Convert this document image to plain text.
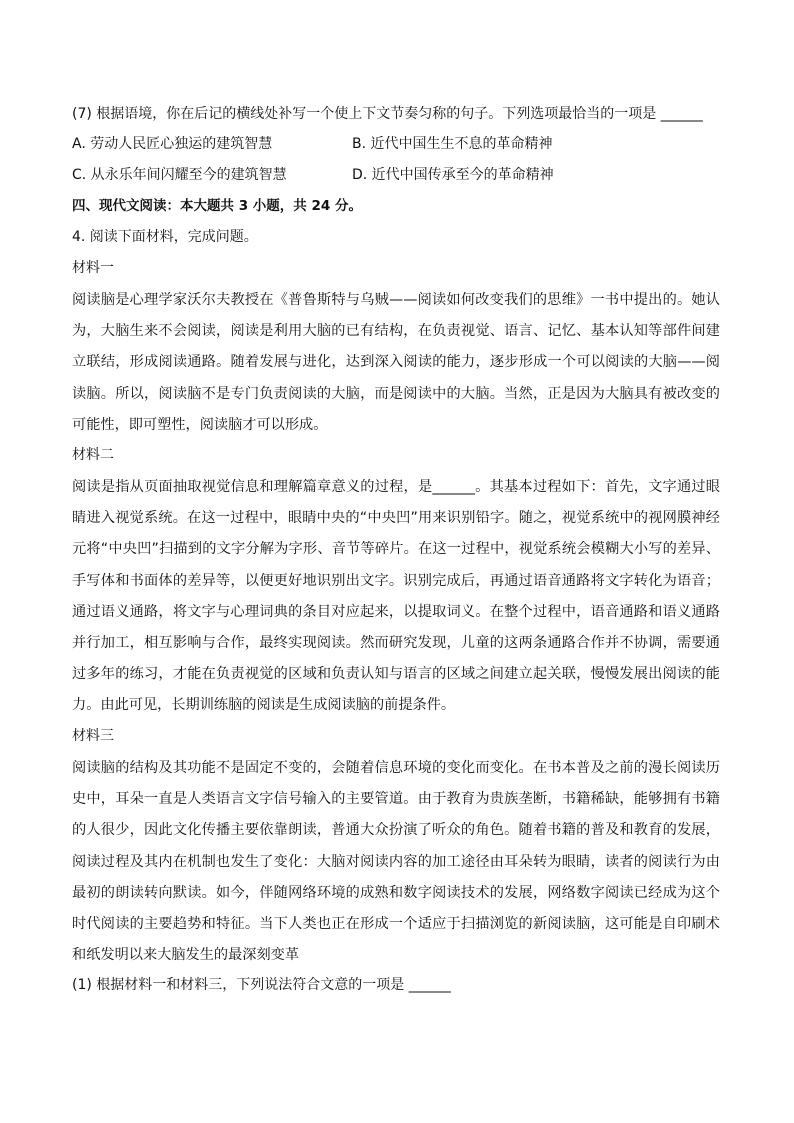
(7) 根据语境，你在后记的横线处补写一个使上下文节奏匀称的句子。下列选项最恰当的一项是 ______
A. 劳动人民匠心独运的建筑智慧	B. 近代中国生生不息的革命精神
C. 从永乐年间闪耀至今的建筑智慧	D. 近代中国传承至今的革命精神
四、现代文阅读：本大题共 3 小题，共 24 分。
4. 阅读下面材料，完成问题。
材料一

阅读脑是心理学家沃尔夫教授在《普鲁斯特与乌贼——阅读如何改变我们的思维》一书中提出的。她认为，大脑生来不会阅读，阅读是利用大脑的已有结构，在负责视觉、语言、记忆、基本认知等部件间建立联结，形成阅读通路。随着发展与进化，达到深入阅读的能力，逐步形成一个可以阅读的大脑——阅读脑。所以，阅读脑不是专门负责阅读的大脑，而是阅读中的大脑。当然，正是因为大脑具有被改变的可能性，即可塑性，阅读脑才可以形成。

材料二

阅读是指从页面抽取视觉信息和理解篇章意义的过程，是______。其基本过程如下：首先，文字通过眼睛进入视觉系统。在这一过程中，眼睛中央的“中央凹”用来识别铅字。随之，视觉系统中的视网膜神经元将“中央凹”扫描到的文字分解为字形、音节等碎片。在这一过程中，视觉系统会模糊大小写的差异、手写体和书面体的差异等，以便更好地识别出文字。识别完成后，再通过语音通路将文字转化为语音；通过语义通路，将文字与心理词典的条目对应起来，以提取词义。在整个过程中，语音通路和语义通路并行加工，相互影响与合作，最终实现阅读。然而研究发现，儿童的这两条通路合作并不协调，需要通过多年的练习，才能在负责视觉的区域和负责认知与语言的区域之间建立起关联，慢慢发展出阅读的能力。由此可见，长期训练脑的阅读是生成阅读脑的前提条件。

材料三

阅读脑的结构及其功能不是固定不变的，会随着信息环境的变化而变化。在书本普及之前的漫长阅读历史中，耳朵一直是人类语言文字信号输入的主要管道。由于教育为贵族垄断，书籍稀缺，能够拥有书籍的人很少，因此文化传播主要依靠朗读，普通大众扮演了听众的角色。随着书籍的普及和教育的发展，阅读过程及其内在机制也发生了变化：大脑对阅读内容的加工途径由耳朵转为眼睛，读者的阅读行为由最初的朗读转向默读。如今，伴随网络环境的成熟和数字阅读技术的发展，网络数字阅读已经成为这个时代阅读的主要趋势和特征。当下人类也正在形成一个适应于扫描浏览的新阅读脑，这可能是自印刷术和纸发明以来大脑发生的最深刻变革

(1) 根据材料一和材料三，下列说法符合文意的一项是 ______
